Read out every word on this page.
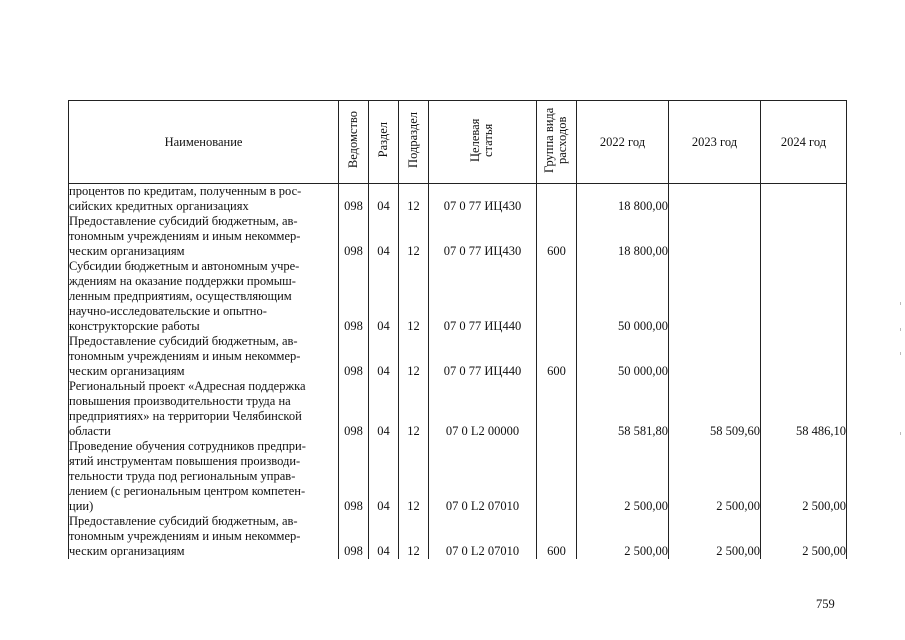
Наименование	Ведомство	Раздел	Подраздел	Целевая статья	Группа вида расходов	2022 год	2023 год	2024 год

процентов по кредитам, полученным в рос-
сийских кредитных организациях	098	04	12	07 0 77 ИЦ430		18 800,00		

Предоставление субсидий бюджетным, ав-
тономным учреждениям и иным некоммер-
ческим организациям	098	04	12	07 0 77 ИЦ430	600	18 800,00		

Субсидии бюджетным и автономным учре-
ждениям на оказание поддержки промыш-
ленным предприятиям, осуществляющим
научно-исследовательские и опытно-
конструкторские работы	098	04	12	07 0 77 ИЦ440		50 000,00		

Предоставление субсидий бюджетным, ав-
тономным учреждениям и иным некоммер-
ческим организациям	098	04	12	07 0 77 ИЦ440	600	50 000,00		

Региональный проект «Адресная поддержка
повышения производительности труда на
предприятиях» на территории Челябинской
области	098	04	12	07 0 L2 00000		58 581,80	58 509,60	58 486,10

Проведение обучения сотрудников предпри-
ятий инструментам повышения производи-
тельности труда под региональным управ-
лением (с региональным центром компетен-
ции)	098	04	12	07 0 L2 07010		2 500,00	2 500,00	2 500,00

Предоставление субсидий бюджетным, ав-
тономным учреждениям и иным некоммер-
ческим организациям	098	04	12	07 0 L2 07010	600	2 500,00	2 500,00	2 500,00
759
